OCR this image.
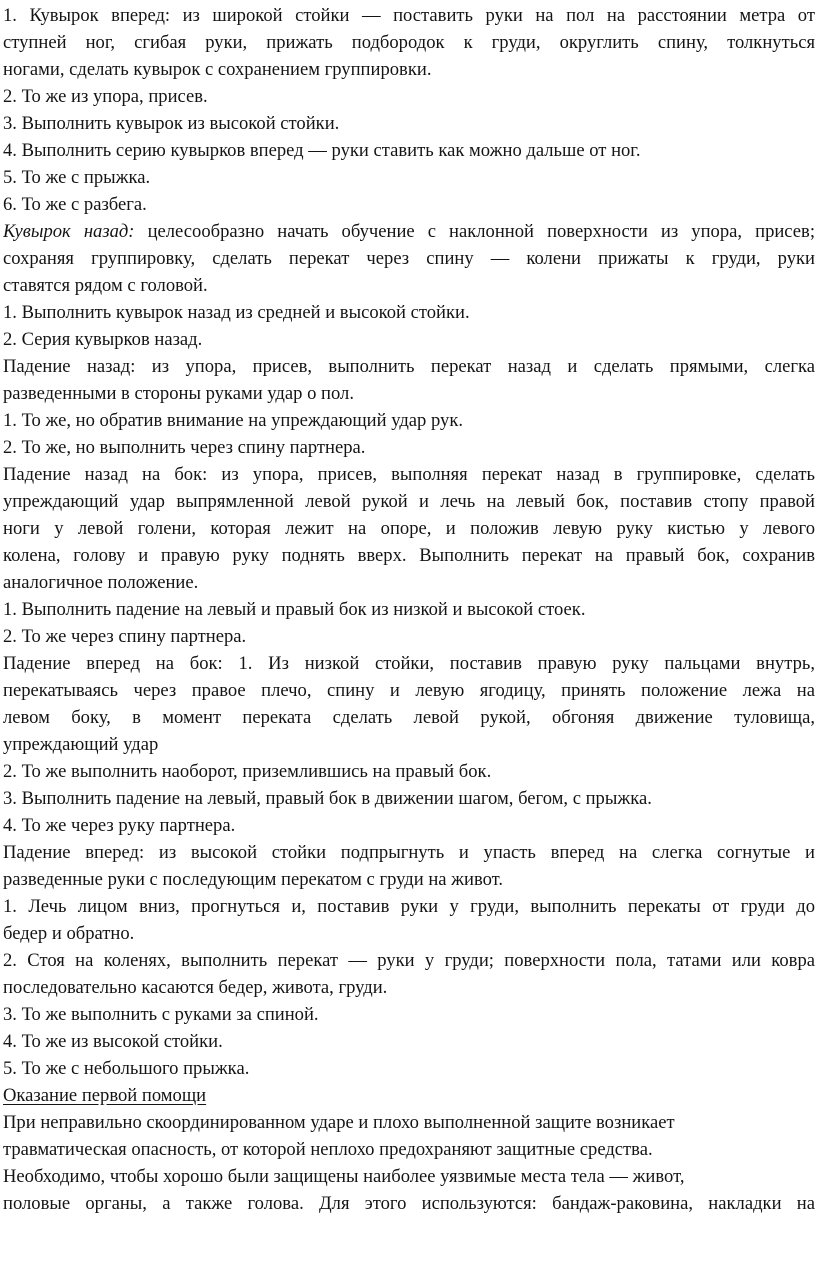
1. Кувырок вперед: из широкой стойки — поставить руки на пол на расстоянии метра от
ступней ног, сгибая руки, прижать подбородок к груди, округлить спину, толкнуться
ногами, сделать кувырок с сохранением группировки.
2. То же из упора, присев.
3. Выполнить кувырок из высокой стойки.
4. Выполнить серию кувырков вперед — руки ставить как можно дальше от ног.
5. То же с прыжка.
6. То же с разбега.
Кувырок назад: целесообразно начать обучение с наклонной поверхности из упора, присев;
сохраняя группировку, сделать перекат через спину — колени прижаты к груди, руки
ставятся рядом с головой.
1. Выполнить кувырок назад из средней и высокой стойки.
2. Серия кувырков назад.
Падение назад: из упора, присев, выполнить перекат назад и сделать прямыми, слегка
разведенными в стороны руками удар о пол.
1. То же, но обратив внимание на упреждающий удар рук.
2. То же, но выполнить через спину партнера.
Падение назад на бок: из упора, присев, выполняя перекат назад в группировке, сделать
упреждающий удар выпрямленной левой рукой и лечь на левый бок, поставив стопу правой
ноги у левой голени, которая лежит на опоре, и положив левую руку кистью у левого
колена, голову и правую руку поднять вверх. Выполнить перекат на правый бок, сохранив
аналогичное положение.
1. Выполнить падение на левый и правый бок из низкой и высокой стоек.
2. То же через спину партнера.
Падение вперед на бок: 1. Из низкой стойки, поставив правую руку пальцами внутрь,
перекатываясь через правое плечо, спину и левую ягодицу, принять положение лежа на
левом боку, в момент переката сделать левой рукой, обгоняя движение туловища,
упреждающий удар
2. То же выполнить наоборот, приземлившись на правый бок.
3. Выполнить падение на левый, правый бок в движении шагом, бегом, с прыжка.
4. То же через руку партнера.
Падение вперед: из высокой стойки подпрыгнуть и упасть вперед на слегка согнутые и
разведенные руки с последующим перекатом с груди на живот.
1. Лечь лицом вниз, прогнуться и, поставив руки у груди, выполнить перекаты от груди до
бедер и обратно.
2. Стоя на коленях, выполнить перекат — руки у груди; поверхности пола, татами или ковра
последовательно касаются бедер, живота, груди.
3. То же выполнить с руками за спиной.
4. То же из высокой стойки.
5. То же с небольшого прыжка.
Оказание первой помощи
При неправильно скоординированном ударе и плохо выполненной защите возникает
травматическая опасность, от которой неплохо предохраняют защитные средства.
Необходимо, чтобы хорошо были защищены наиболее уязвимые места тела — живот,
половые органы, а также голова. Для этого используются: бандаж-раковина, накладки на
